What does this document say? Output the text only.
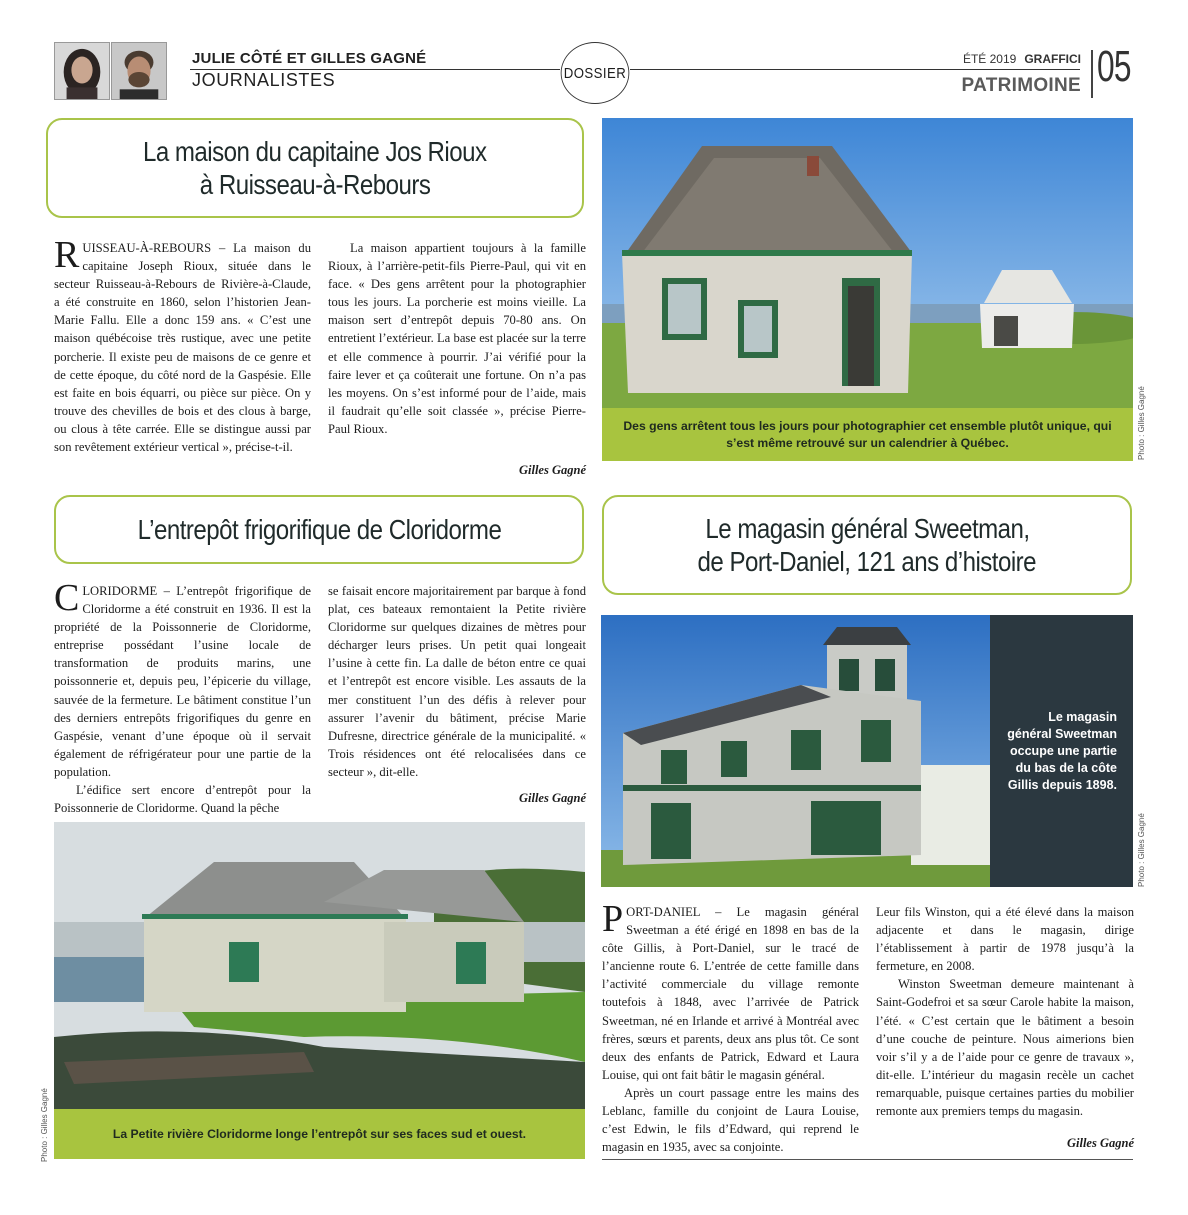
JULIE CÔTÉ ET GILLES GAGNÉ
JOURNALISTES	DOSSIER
ÉTÉ 2019 GRAFFICI
PATRIMOINE 05
La maison du capitaine Jos Rioux
à Ruisseau-à-Rebours

RUISSEAU-À-REBOURS – La maison du capitaine Joseph Rioux, située dans le secteur Ruisseau-à-Rebours de Rivière-à-Claude, a été construite en 1860, selon l’historien Jean-Marie Fallu. Elle a donc 159 ans. « C’est une maison québécoise très rustique, avec une petite porcherie. Il existe peu de maisons de ce genre et de cette époque, du côté nord de la Gaspésie. Elle est faite en bois équarri, ou pièce sur pièce. On y trouve des chevilles de bois et des clous à barge, ou clous à tête carrée. Elle se distingue aussi par son revêtement extérieur vertical », précise-t-il.

La maison appartient toujours à la famille Rioux, à l’arrière-petit-fils Pierre-Paul, qui vit en face. « Des gens arrêtent pour la photographier tous les jours. La porcherie est moins vieille. La maison sert d’entrepôt depuis 70-80 ans. On entretient l’extérieur. La base est placée sur la terre et elle commence à pourrir. J’ai vérifié pour la faire lever et ça coûterait une fortune. On n’a pas les moyens. On s’est informé pour de l’aide, mais il faudrait qu’elle soit classée », précise Pierre-Paul Rioux.

Gilles Gagné
Des gens arrêtent tous les jours pour photographier cet ensemble plutôt unique, qui s’est même retrouvé sur un calendrier à Québec.	Photo : Gilles Gagné
L’entrepôt frigorifique de Cloridorme

CLORIDORME – L’entrepôt frigorifique de Cloridorme a été construit en 1936. Il est la propriété de la Poissonnerie de Cloridorme, entreprise possédant l’usine locale de transformation de produits marins, une poissonnerie et, depuis peu, l’épicerie du village, sauvée de la fermeture. Le bâtiment constitue l’un des derniers entrepôts frigorifiques du genre en Gaspésie, venant d’une époque où il servait également de réfrigérateur pour une partie de la population.

L’édifice sert encore d’entrepôt pour la Poissonnerie de Cloridorme. Quand la pêche

se faisait encore majoritairement par barque à fond plat, ces bateaux remontaient la Petite rivière Cloridorme sur quelques dizaines de mètres pour décharger leurs prises. Un petit quai longeait l’usine à cette fin. La dalle de béton entre ce quai et l’entrepôt est encore visible. Les assauts de la mer constituent l’un des défis à relever pour assurer l’avenir du bâtiment, précise Marie Dufresne, directrice générale de la municipalité. « Trois résidences ont été relocalisées dans ce secteur », dit-elle.

Gilles Gagné
La Petite rivière Cloridorme longe l’entrepôt sur ses faces sud et ouest.
Photo : Gilles Gagné
Le magasin général Sweetman,
de Port-Daniel, 121 ans d’histoire
Le magasin général Sweetman occupe une partie du bas de la côte Gillis depuis 1898.
Photo : Gilles Gagné

PORT-DANIEL – Le magasin général Sweetman a été érigé en 1898 en bas de la côte Gillis, à Port-Daniel, sur le tracé de l’ancienne route 6. L’entrée de cette famille dans l’activité commerciale du village remonte toutefois à 1848, avec l’arrivée de Patrick Sweetman, né en Irlande et arrivé à Montréal avec frères, sœurs et parents, deux ans plus tôt. Ce sont deux des enfants de Patrick, Edward et Laura Louise, qui ont fait bâtir le magasin général.

Après un court passage entre les mains des Leblanc, famille du conjoint de Laura Louise, c’est Edwin, le fils d’Edward, qui reprend le magasin en 1935, avec sa conjointe.

Leur fils Winston, qui a été élevé dans la maison adjacente et dans le magasin, dirige l’établissement à partir de 1978 jusqu’à la fermeture, en 2008.

Winston Sweetman demeure maintenant à Saint-Godefroi et sa sœur Carole habite la maison, l’été. « C’est certain que le bâtiment a besoin d’une couche de peinture. Nous aimerions bien voir s’il y a de l’aide pour ce genre de travaux », dit-elle. L’intérieur du magasin recèle un cachet remarquable, puisque certaines parties du mobilier remonte aux premiers temps du magasin.

Gilles Gagné
